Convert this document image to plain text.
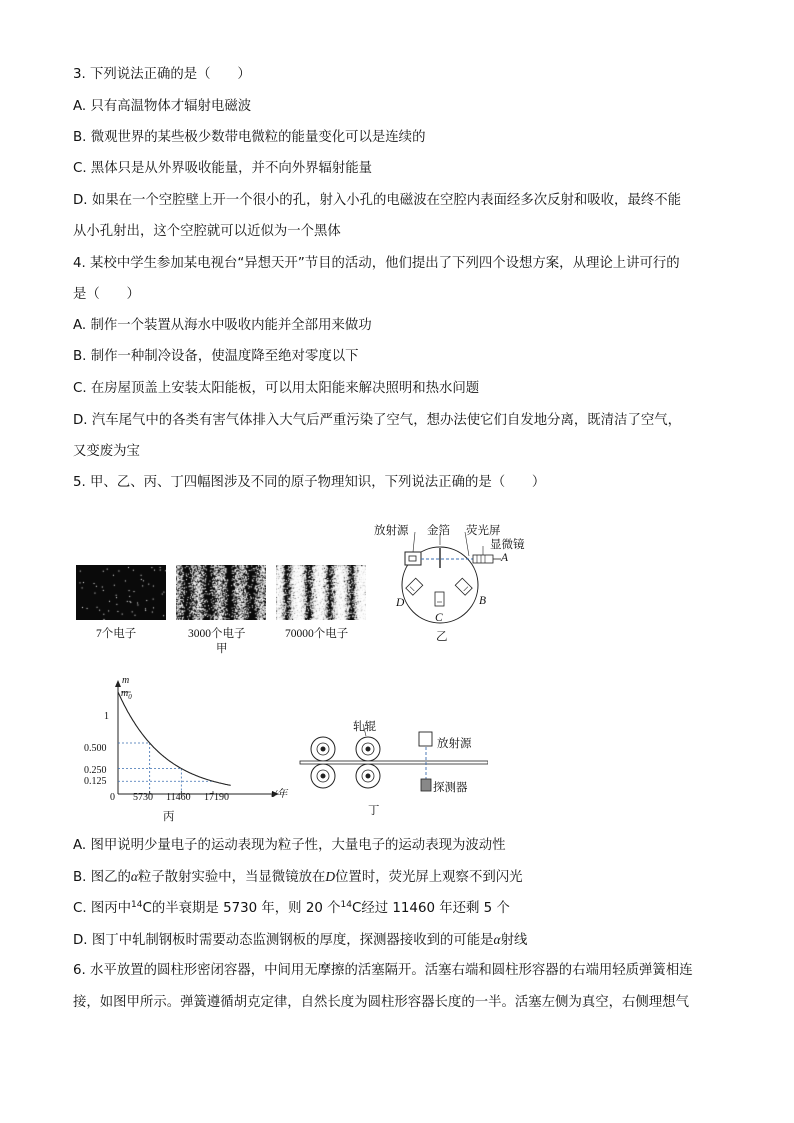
3. 下列说法正确的是（　　）
A. 只有高温物体才辐射电磁波
B. 微观世界的某些极少数带电微粒的能量变化可以是连续的
C. 黑体只是从外界吸收能量，并不向外界辐射能量
D. 如果在一个空腔壁上开一个很小的孔，射入小孔的电磁波在空腔内表面经多次反射和吸收，最终不能
从小孔射出，这个空腔就可以近似为一个黑体
4. 某校中学生参加某电视台“异想天开”节目的活动，他们提出了下列四个设想方案，从理论上讲可行的
是（　　）
A. 制作一个装置从海水中吸收内能并全部用来做功
B. 制作一种制冷设备，使温度降至绝对零度以下
C. 在房屋顶盖上安装太阳能板，可以用太阳能来解决照明和热水问题
D. 汽车尾气中的各类有害气体排入大气后严重污染了空气，想办法使它们自发地分离，既清洁了空气，
又变废为宝
5. 甲、乙、丙、丁四幅图涉及不同的原子物理知识，下列说法正确的是（　　）
7个电子	3000个电子	70000个电子
甲
放射源 金箔 荧光屏
显微镜
A
B
C
D
乙
m
$m_0$
1
0.500
0.250
0.125
0 5730 11460 17190	t/年
丙
轧辊
放射源
探测器
丁
A. 图甲说明少量电子的运动表现为粒子性，大量电子的运动表现为波动性
B. 图乙的α粒子散射实验中，当显微镜放在D位置时，荧光屏上观察不到闪光
C. 图丙中$^{14}$C的半衰期是 5730 年，则 20 个$^{14}$C经过 11460 年还剩 5 个
D. 图丁中轧制钢板时需要动态监测钢板的厚度，探测器接收到的可能是α射线
6. 水平放置的圆柱形密闭容器，中间用无摩擦的活塞隔开。活塞右端和圆柱形容器的右端用轻质弹簧相连
接，如图甲所示。弹簧遵循胡克定律，自然长度为圆柱形容器长度的一半。活塞左侧为真空，右侧理想气
